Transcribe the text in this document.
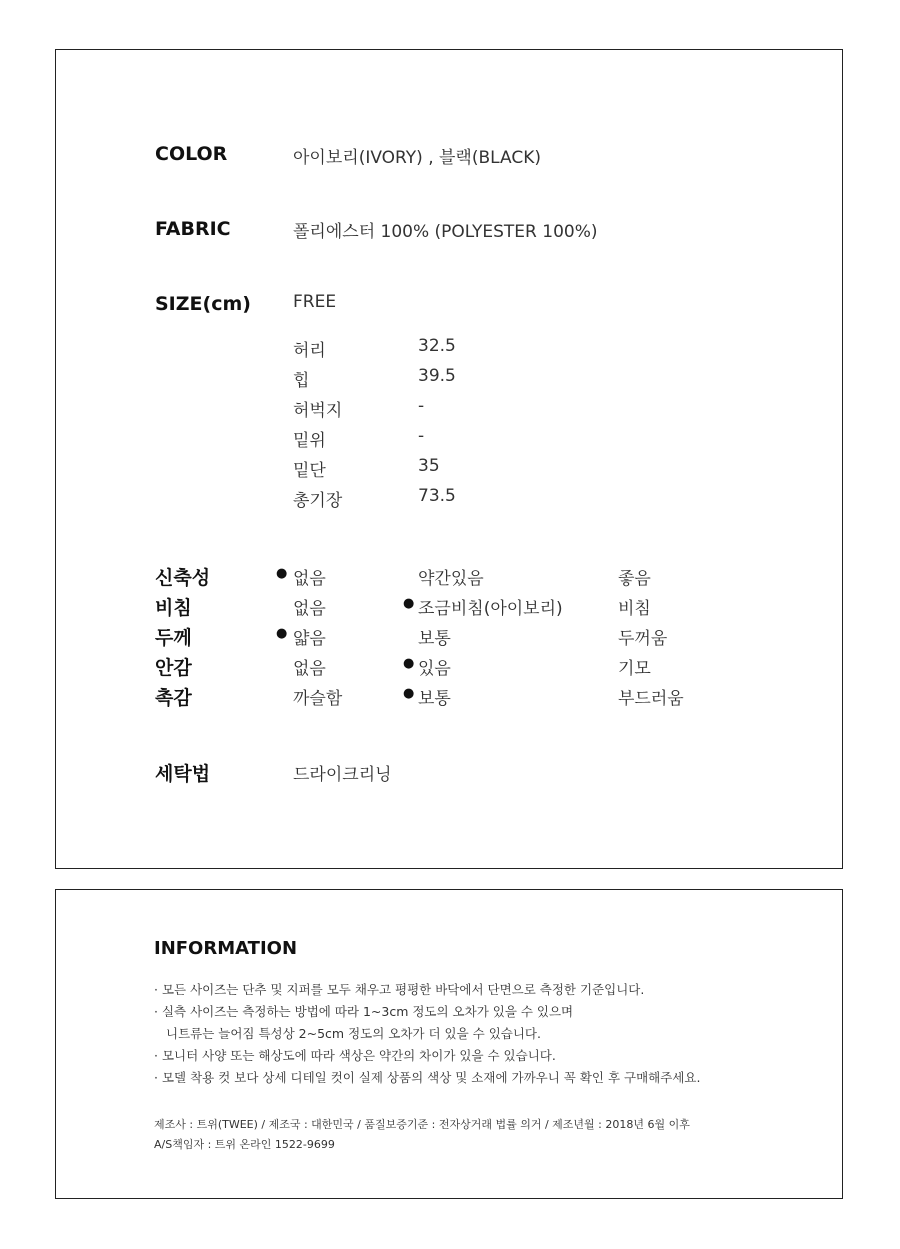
COLOR	아이보리(IVORY) , 블랙(BLACK)
FABRIC	폴리에스터 100% (POLYESTER 100%)
SIZE(cm) FREE
허리	32.5
힙	39.5
허벅지	-
밑위	-
밑단	35
총기장	73.5
신축성	● 없음	약간있음	좋음
비침	없음	● 조금비침(아이보리)	비침
두께	● 얇음	보통	두꺼움
안감	없음	● 있음	기모
촉감	까슬함	● 보통	부드러움
세탁법	드라이크리닝
INFORMATION
· 모든 사이즈는 단추 및 지퍼를 모두 채우고 평평한 바닥에서 단면으로 측정한 기준입니다.
· 실측 사이즈는 측정하는 방법에 따라 1~3cm 정도의 오차가 있을 수 있으며
니트류는 늘어짐 특성상 2~5cm 정도의 오차가 더 있을 수 있습니다.
· 모니터 사양 또는 해상도에 따라 색상은 약간의 차이가 있을 수 있습니다.
· 모델 착용 컷 보다 상세 디테일 컷이 실제 상품의 색상 및 소재에 가까우니 꼭 확인 후 구매해주세요.
제조사 : 트위(TWEE) / 제조국 : 대한민국 / 품질보증기준 : 전자상거래 법률 의거 / 제조년월 : 2018년 6월 이후
A/S책임자 : 트위 온라인 1522-9699
